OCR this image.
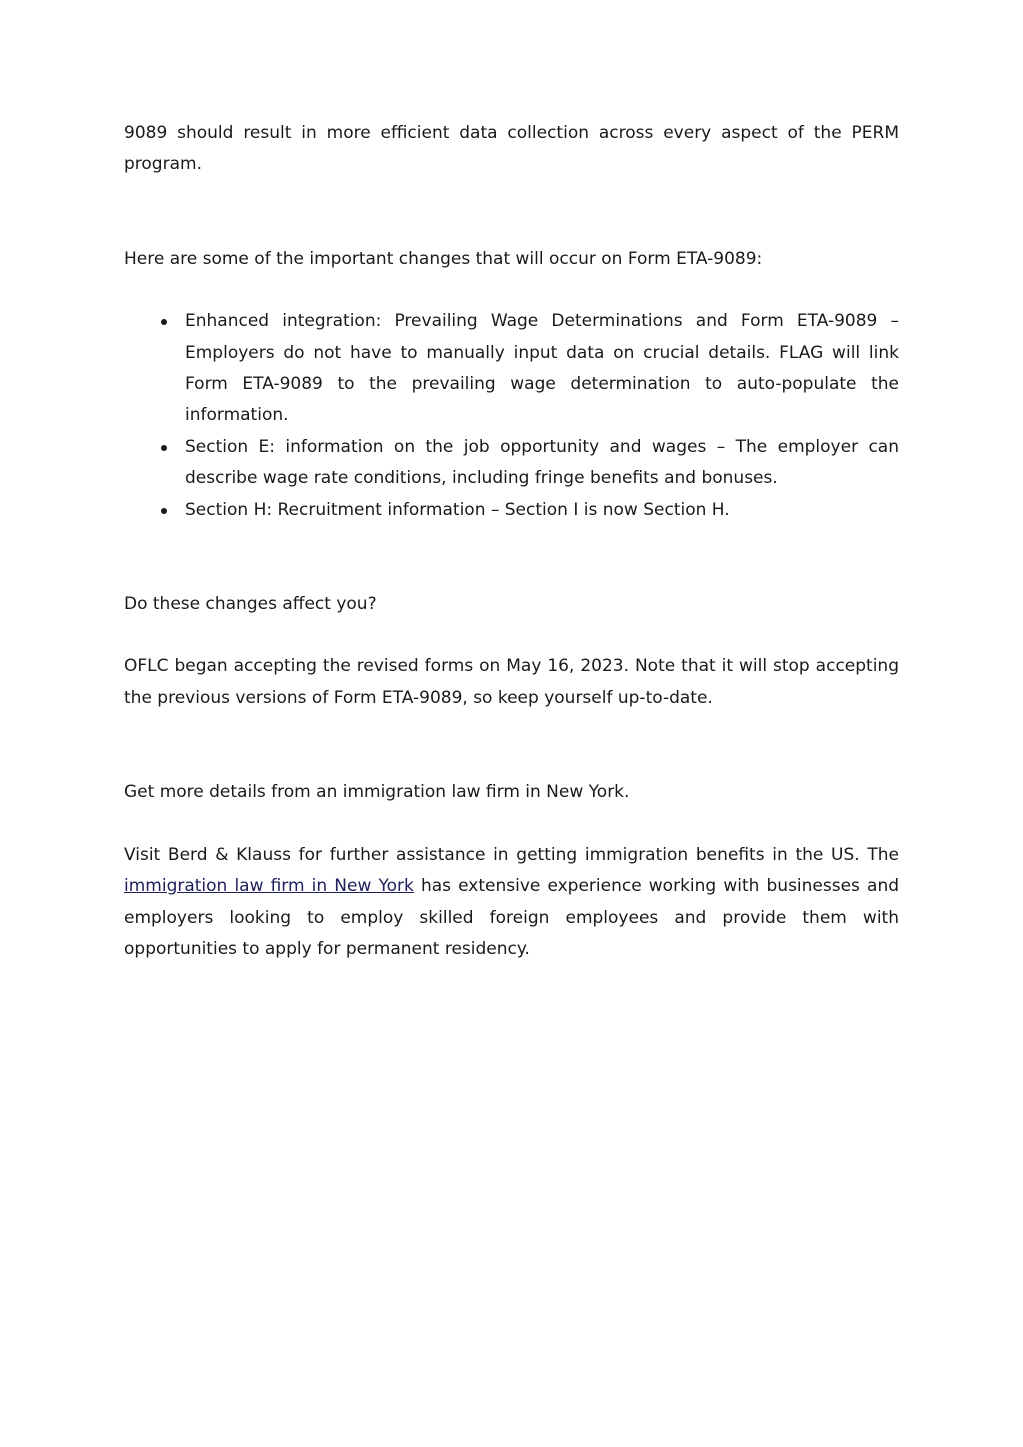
9089 should result in more efficient data collection across every aspect of the PERM program.

Here are some of the important changes that will occur on Form ETA-9089:

Enhanced integration: Prevailing Wage Determinations and Form ETA-9089 – Employers do not have to manually input data on crucial details. FLAG will link Form ETA-9089 to the prevailing wage determination to auto-populate the information.
Section E: information on the job opportunity and wages – The employer can describe wage rate conditions, including fringe benefits and bonuses.
Section H: Recruitment information – Section I is now Section H.

Do these changes affect you?

OFLC began accepting the revised forms on May 16, 2023. Note that it will stop accepting the previous versions of Form ETA-9089, so keep yourself up-to-date.

Get more details from an immigration law firm in New York.

Visit Berd & Klauss for further assistance in getting immigration benefits in the US. The immigration law firm in New York has extensive experience working with businesses and employers looking to employ skilled foreign employees and provide them with opportunities to apply for permanent residency.
